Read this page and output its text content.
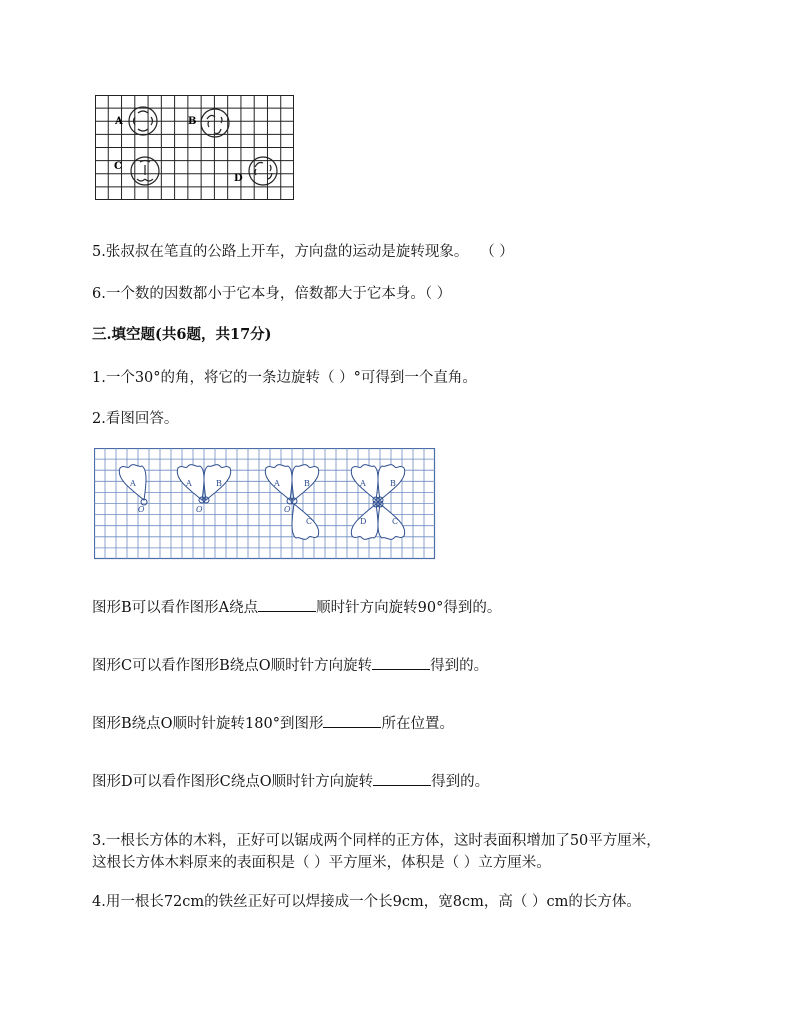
A	B
C
D
5.张叔叔在笔直的公路上开车，方向盘的运动是旋转现象。　 （ ）
6.一个数的因数都小于它本身，倍数都大于它本身。（ ）
三.填空题(共6题，共17分)
1.一个30°的角，将它的一条边旋转（ ）°可得到一个直角。
2.看图回答。
A
O
A	B
O
A	B
C
O
A	B
C
D
图形B可以看作图形A绕点	顺时针方向旋转90°得到的。
图形C可以看作图形B绕点O顺时针方向旋转	得到的。
图形B绕点O顺时针旋转180°到图形	所在位置。
图形D可以看作图形C绕点O顺时针方向旋转	得到的。
3.一根长方体的木料，正好可以锯成两个同样的正方体，这时表面积增加了50平方厘米，
这根长方体木料原来的表面积是（ ）平方厘米，体积是（ ）立方厘米。
4.用一根长72cm的铁丝正好可以焊接成一个长9cm，宽8cm，高（ ）cm的长方体。
